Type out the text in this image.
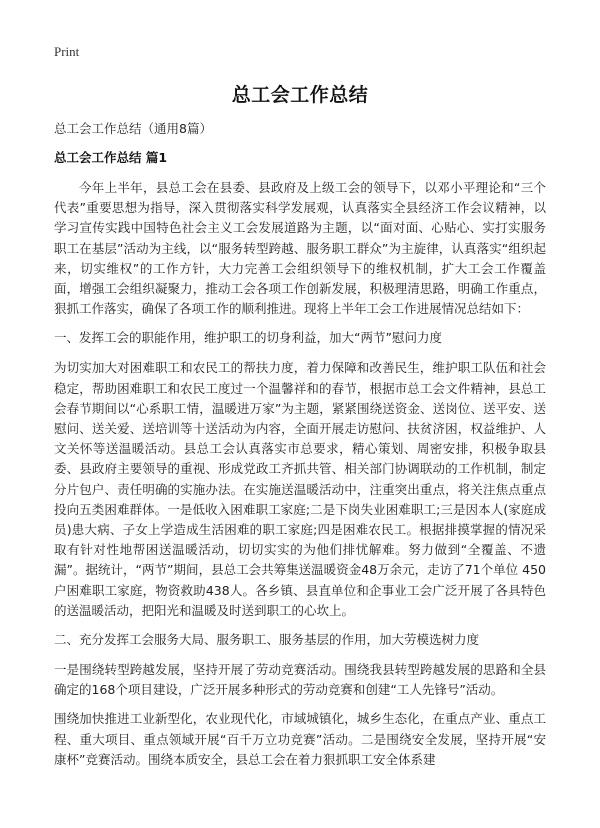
Print
总工会工作总结

总工会工作总结（通用8篇）

总工会工作总结 篇1

今年上半年，县总工会在县委、县政府及上级工会的领导下，以邓小平理论和“三个代表”重要思想为指导，深入贯彻落实科学发展观，认真落实全县经济工作会议精神，以学习宣传实践中国特色社会主义工会发展道路为主题，以“面对面、心贴心、实打实服务职工在基层”活动为主线，以“服务转型跨越、服务职工群众”为主旋律，认真落实“组织起来，切实维权”的工作方针，大力完善工会组织领导下的维权机制，扩大工会工作覆盖面，增强工会组织凝聚力，推动工会各项工作创新发展，积极理清思路，明确工作重点，狠抓工作落实，确保了各项工作的顺利推进。现将上半年工会工作进展情况总结如下：

一、发挥工会的职能作用，维护职工的切身利益，加大“两节”慰问力度

为切实加大对困难职工和农民工的帮扶力度，着力保障和改善民生，维护职工队伍和社会稳定，帮助困难职工和农民工度过一个温馨祥和的春节，根据市总工会文件精神，县总工会春节期间以“心系职工情，温暖进万家”为主题，紧紧围绕送资金、送岗位、送平安、送慰问、送关爱、送培训等十送活动为内容，全面开展走访慰问、扶贫济困，权益维护、人文关怀等送温暖活动。县总工会认真落实市总要求，精心策划、周密安排，积极争取县委、县政府主要领导的重视、形成党政工齐抓共管、相关部门协调联动的工作机制，制定分片包户、责任明确的实施办法。在实施送温暖活动中，注重突出重点，将关注焦点重点投向五类困难群体。一是低收入困难职工家庭;二是下岗失业困难职工;三是因本人(家庭成员)患大病、子女上学造成生活困难的职工家庭;四是困难农民工。根据排摸掌握的情况采取有针对性地帮困送温暖活动，切切实实的为他们排忧解难。努力做到“全覆盖、不遗漏”。据统计，“两节”期间，县总工会共筹集送温暖资金48万余元，走访了71个单位 450户困难职工家庭，物资救助438人。各乡镇、县直单位和企事业工会广泛开展了各具特色的送温暖活动，把阳光和温暖及时送到职工的心坎上。

二、充分发挥工会服务大局、服务职工、服务基层的作用，加大劳模选树力度

一是围绕转型跨越发展，坚持开展了劳动竞赛活动。围绕我县转型跨越发展的思路和全县确定的168个项目建设，广泛开展多种形式的劳动竞赛和创建“工人先锋号”活动。

围绕加快推进工业新型化，农业现代化，市域城镇化，城乡生态化，在重点产业、重点工程、重大项目、重点领域开展“百千万立功竞赛”活动。二是围绕安全发展，坚持开展“安康杯”竞赛活动。围绕本质安全，县总工会在着力狠抓职工安全体系建
